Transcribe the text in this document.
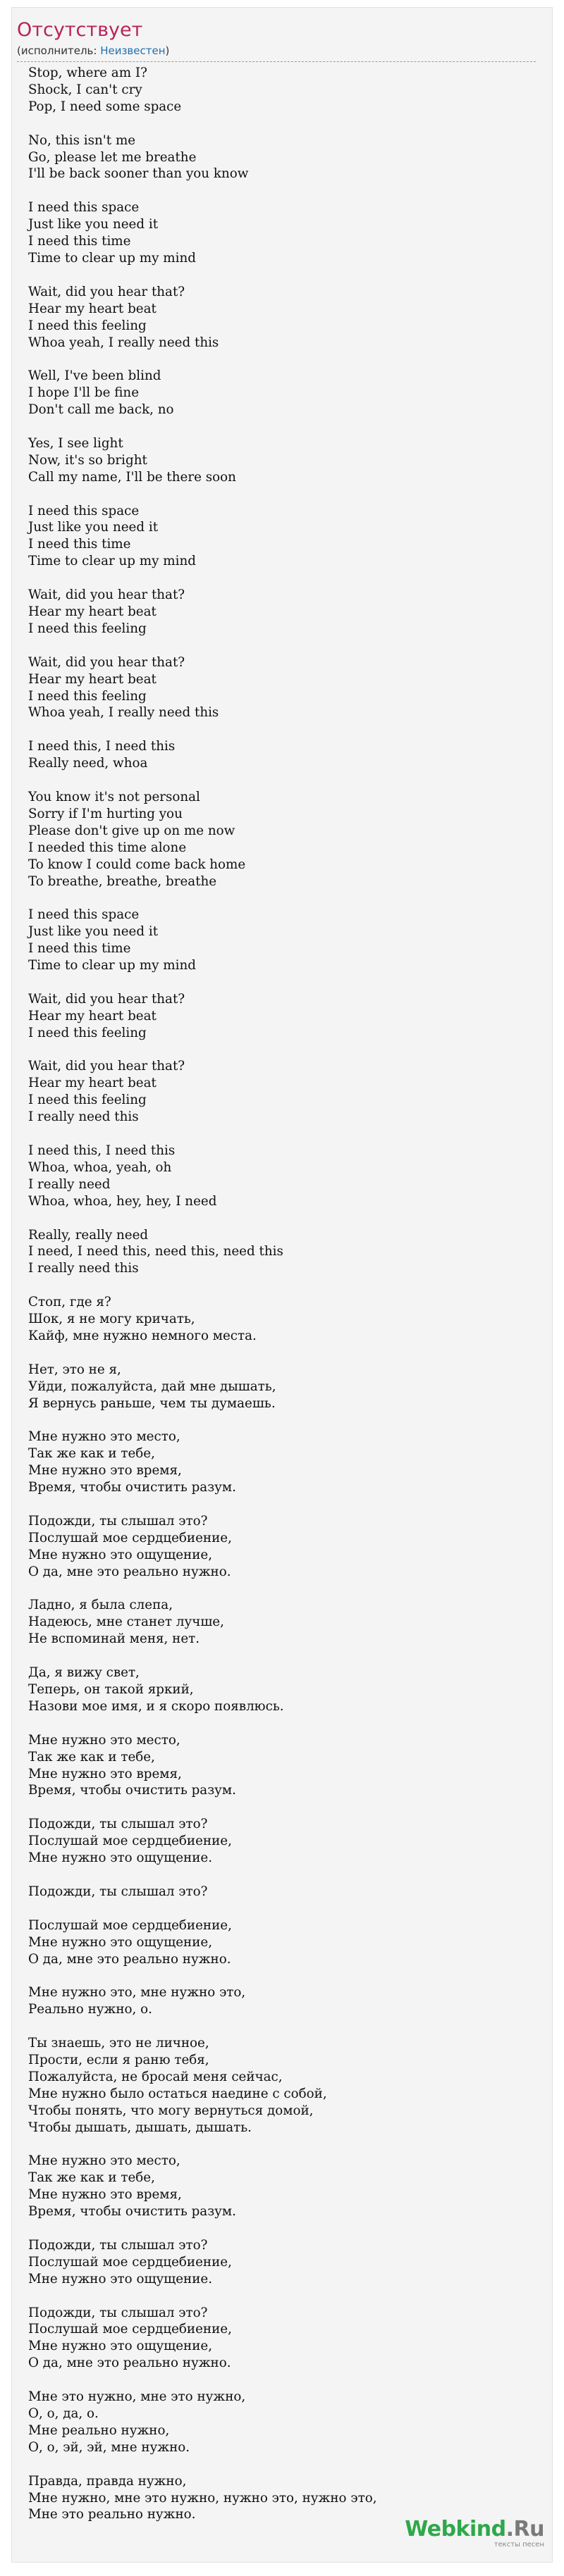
Отсутствует
(исполнитель: Неизвестен)
Stop, where am I?
Shock, I can't cry
Pop, I need some space

No, this isn't me
Go, please let me breathe
I'll be back sooner than you know

I need this space
Just like you need it
I need this time
Time to clear up my mind

Wait, did you hear that?
Hear my heart beat
I need this feeling
Whoa yeah, I really need this

Well, I've been blind
I hope I'll be fine
Don't call me back, no

Yes, I see light
Now, it's so bright
Call my name, I'll be there soon

I need this space
Just like you need it
I need this time
Time to clear up my mind

Wait, did you hear that?
Hear my heart beat
I need this feeling

Wait, did you hear that?
Hear my heart beat
I need this feeling
Whoa yeah, I really need this

I need this, I need this
Really need, whoa

You know it's not personal
Sorry if I'm hurting you
Please don't give up on me now
I needed this time alone
To know I could come back home
To breathe, breathe, breathe

I need this space
Just like you need it
I need this time
Time to clear up my mind

Wait, did you hear that?
Hear my heart beat
I need this feeling

Wait, did you hear that?
Hear my heart beat
I need this feeling
I really need this

I need this, I need this
Whoa, whoa, yeah, oh
I really need
Whoa, whoa, hey, hey, I need

Really, really need
I need, I need this, need this, need this
I really need this

Стоп, где я?
Шок, я не могу кричать,
Кайф, мне нужно немного места.

Нет, это не я,
Уйди, пожалуйста, дай мне дышать,
Я вернусь раньше, чем ты думаешь.

Мне нужно это место,
Так же как и тебе,
Мне нужно это время,
Время, чтобы очистить разум.

Подожди, ты слышал это?
Послушай мое сердцебиение,
Мне нужно это ощущение,
О да, мне это реально нужно.

Ладно, я была слепа,
Надеюсь, мне станет лучше,
Не вспоминай меня, нет.

Да, я вижу свет,
Теперь, он такой яркий,
Назови мое имя, и я скоро появлюсь.

Мне нужно это место,
Так же как и тебе,
Мне нужно это время,
Время, чтобы очистить разум.

Подожди, ты слышал это?
Послушай мое сердцебиение,
Мне нужно это ощущение.

Подожди, ты слышал это?

Послушай мое сердцебиение,
Мне нужно это ощущение,
О да, мне это реально нужно.

Мне нужно это, мне нужно это,
Реально нужно, о.

Ты знаешь, это не личное,
Прости, если я раню тебя,
Пожалуйста, не бросай меня сейчас,
Мне нужно было остаться наедине с собой,
Чтобы понять, что могу вернуться домой,
Чтобы дышать, дышать, дышать.

Мне нужно это место,
Так же как и тебе,
Мне нужно это время,
Время, чтобы очистить разум.

Подожди, ты слышал это?
Послушай мое сердцебиение,
Мне нужно это ощущение.

Подожди, ты слышал это?
Послушай мое сердцебиение,
Мне нужно это ощущение,
О да, мне это реально нужно.

Мне это нужно, мне это нужно,
О, о, да, о.
Мне реально нужно,
О, о, эй, эй, мне нужно.

Правда, правда нужно,
Мне нужно, мне это нужно, нужно это, нужно это,
Мне это реально нужно.
Webkind.Ru
тексты песен
